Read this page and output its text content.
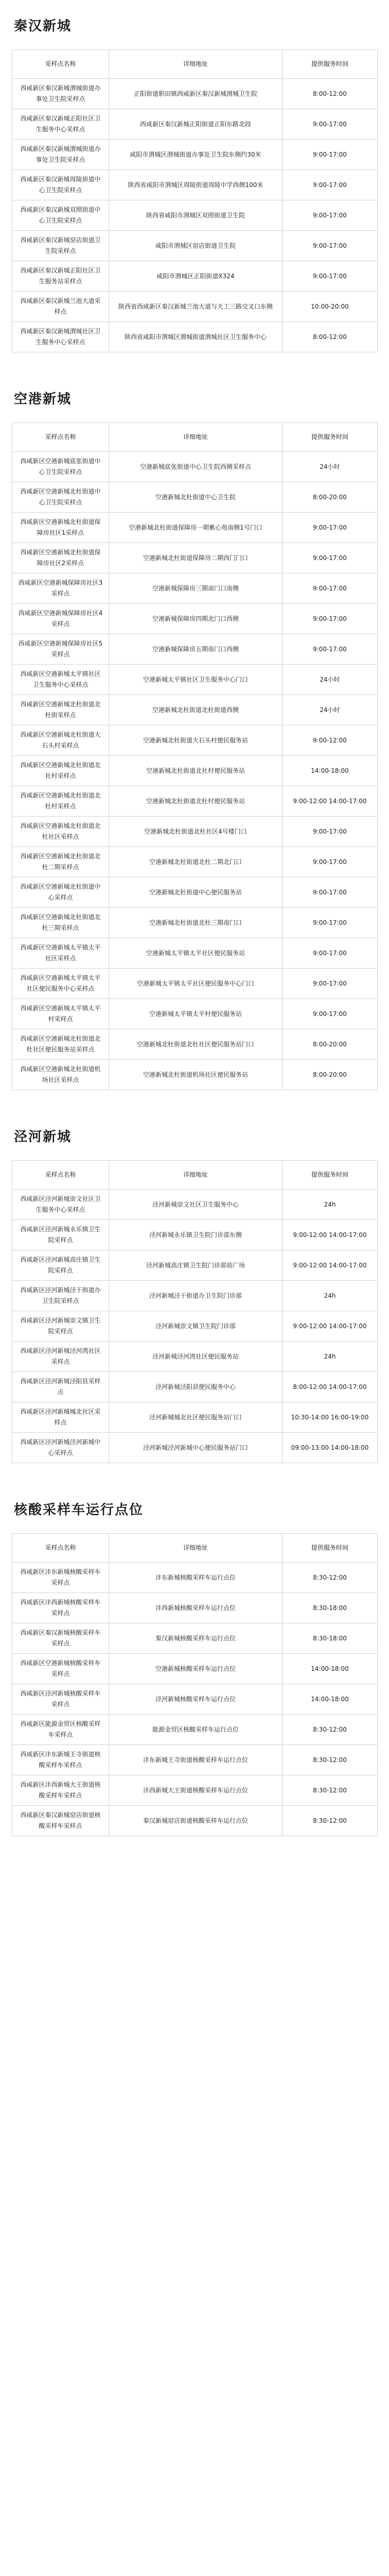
秦汉新城
采样点名称	详细地址	提供服务时间
西咸新区秦汉新城渭城街道办事处卫生院采样点	正阳街道职田镇西咸新区秦汉新城渭城卫生院	8:00-12:00
西咸新区秦汉新城正阳社区卫生服务中心采样点	西咸新区秦汉新城正阳街道正阳东路北段	9:00-17:00
西咸新区秦汉新城渭城街道办事处卫生院采样点	咸阳市渭城区渭城街道办事处卫生院东侧约30米	9:00-17:00
西咸新区秦汉新城周陵街道中心卫生院采样点	陕西省咸阳市渭城区周陵街道周陵中学西侧100米	9:00-17:00
西咸新区秦汉新城双照街道中心卫生院采样点	陕西省咸阳市渭城区双照街道卫生院	9:00-17:00
西咸新区秦汉新城窑店街道卫生院采样点	咸阳市渭城区窑店街道卫生院	9:00-17:00
西咸新区秦汉新城正阳社区卫生服务站采样点	咸阳市渭城区正阳街道X324	9:00-17:00
西咸新区秦汉新城兰池大道采样点	陕西省西咸新区秦汉新城兰池大道与天工三路交叉口东侧	10:00-20:00
西咸新区秦汉新城渭城社区卫生服务中心采样点	陕西省咸阳市渭城区渭城街道渭城社区卫生服务中心	8:00-12:00
空港新城
采样点名称	详细地址	提供服务时间
西咸新区空港新城底张街道中心卫生院采样点	空港新城底张街道中心卫生院西侧采样点	24小时
西咸新区空港新城北杜街道中心卫生院采样点	空港新城北杜街道中心卫生院	8:00-20:00
西咸新区空港新城北杜街道保障房社区1采样点	空港新城北杜街道保障房一期紫心苑南侧1号门口	9:00-17:00
西咸新区空港新城北杜街道保障房社区2采样点	空港新城北杜街道保障房二期西门门口	9:00-17:00
西咸新区空港新城保障房社区3采样点	空港新城保障房三期南门口南侧	9:00-17:00
西咸新区空港新城保障房社区4采样点	空港新城保障房四期北门口西侧	9:00-17:00
西咸新区空港新城保障房社区5采样点	空港新城保障房五期南门口西侧	9:00-17:00
西咸新区空港新城太平镇社区卫生服务中心采样点	空港新城太平镇社区卫生服务中心门口	24小时
西咸新区空港新城北杜街道北杜街采样点	空港新城北杜街道北杜街道西侧	24小时
西咸新区空港新城北杜街道大石头村采样点	空港新城北杜街道大石头村便民服务站	9:00-12:00
西咸新区空港新城北杜街道北社村采样点	空港新城北杜街道北社村便民服务站	14:00-18:00
西咸新区空港新城北杜街道北杜村采样点	空港新城北杜街道北杜村便民服务站	9:00-12:00 14:00-17:00
西咸新区空港新城北杜街道北杜社区采样点	空港新城北杜街道北杜社区4号楼门口	9:00-17:00
西咸新区空港新城北杜街道北杜二期采样点	空港新城北杜街道北杜二期北门口	9:00-17:00
西咸新区空港新城北杜街道中心采样点	空港新城北杜街道中心便民服务站	9:00-17:00
西咸新区空港新城北杜街道北杜三期采样点	空港新城北杜街道北杜三期南门口	9:00-17:00
西咸新区空港新城太平镇太平社区采样点	空港新城太平镇太平社区便民服务站	9:00-17:00
西咸新区空港新城太平镇太平社区便民服务中心采样点	空港新城太平镇太平社区便民服务中心门口	9:00-17:00
西咸新区空港新城太平镇太平村采样点	空港新城太平镇太平村便民服务站	9:00-17:00
西咸新区空港新城北杜街道北杜社区便民服务站采样点	空港新城北杜街道北杜社区便民服务站门口	8:00-20:00
西咸新区空港新城北杜街道机场社区采样点	空港新城北杜街道机场社区便民服务站	8:00-20:00
泾河新城
采样点名称	详细地址	提供服务时间
西咸新区泾河新城崇文社区卫生服务中心采样点	泾河新城崇文社区卫生服务中心	24h
西咸新区泾河新城永乐镇卫生院采样点	泾河新城永乐镇卫生院门诊部东侧	9:00-12:00 14:00-17:00
西咸新区泾河新城高庄镇卫生院采样点	泾河新城高庄镇卫生院门诊部前广场	9:00-12:00 14:00-17:00
西咸新区泾河新城泾干街道办卫生院采样点	泾河新城泾干街道办卫生院门诊部	24h
西咸新区泾河新城崇文镇卫生院采样点	泾河新城崇文镇卫生院门诊部	9:00-12:00 14:00-17:00
西咸新区泾河新城泾河湾社区采样点	泾河新城泾河湾社区便民服务站	24h
西咸新区泾河新城泾阳县采样点	泾河新城泾阳县便民服务中心	8:00-12:00 14:00-17:00
西咸新区泾河新城城北社区采样点	泾河新城城北社区便民服务站门口	10:30-14:00 16:00-19:00
西咸新区泾河新城泾河新城中心采样点	泾河新城泾河新城中心便民服务站门口	09:00-13:00 14:00-18:00
核酸采样车运行点位
采样点名称	详细地址	提供服务时间
西咸新区沣东新城核酸采样车采样点	沣东新城核酸采样车运行点位	8:30-12:00
西咸新区沣西新城核酸采样车采样点	沣西新城核酸采样车运行点位	8:30-18:00
西咸新区秦汉新城核酸采样车采样点	秦汉新城核酸采样车运行点位	8:30-18:00
西咸新区空港新城核酸采样车采样点	空港新城核酸采样车运行点位	14:00-18:00
西咸新区泾河新城核酸采样车采样点	泾河新城核酸采样车运行点位	14:00-18:00
西咸新区能源金贸区核酸采样车采样点	能源金贸区核酸采样车运行点位	8:30-12:00
西咸新区沣东新城王寺街道核酸采样车采样点	沣东新城王寺街道核酸采样车运行点位	8:30-12:00
西咸新区沣西新城大王街道核酸采样车采样点	沣西新城大王街道核酸采样车运行点位	8:30-12:00
西咸新区秦汉新城窑店街道核酸采样车采样点	秦汉新城窑店街道核酸采样车运行点位	8:30-12:00
